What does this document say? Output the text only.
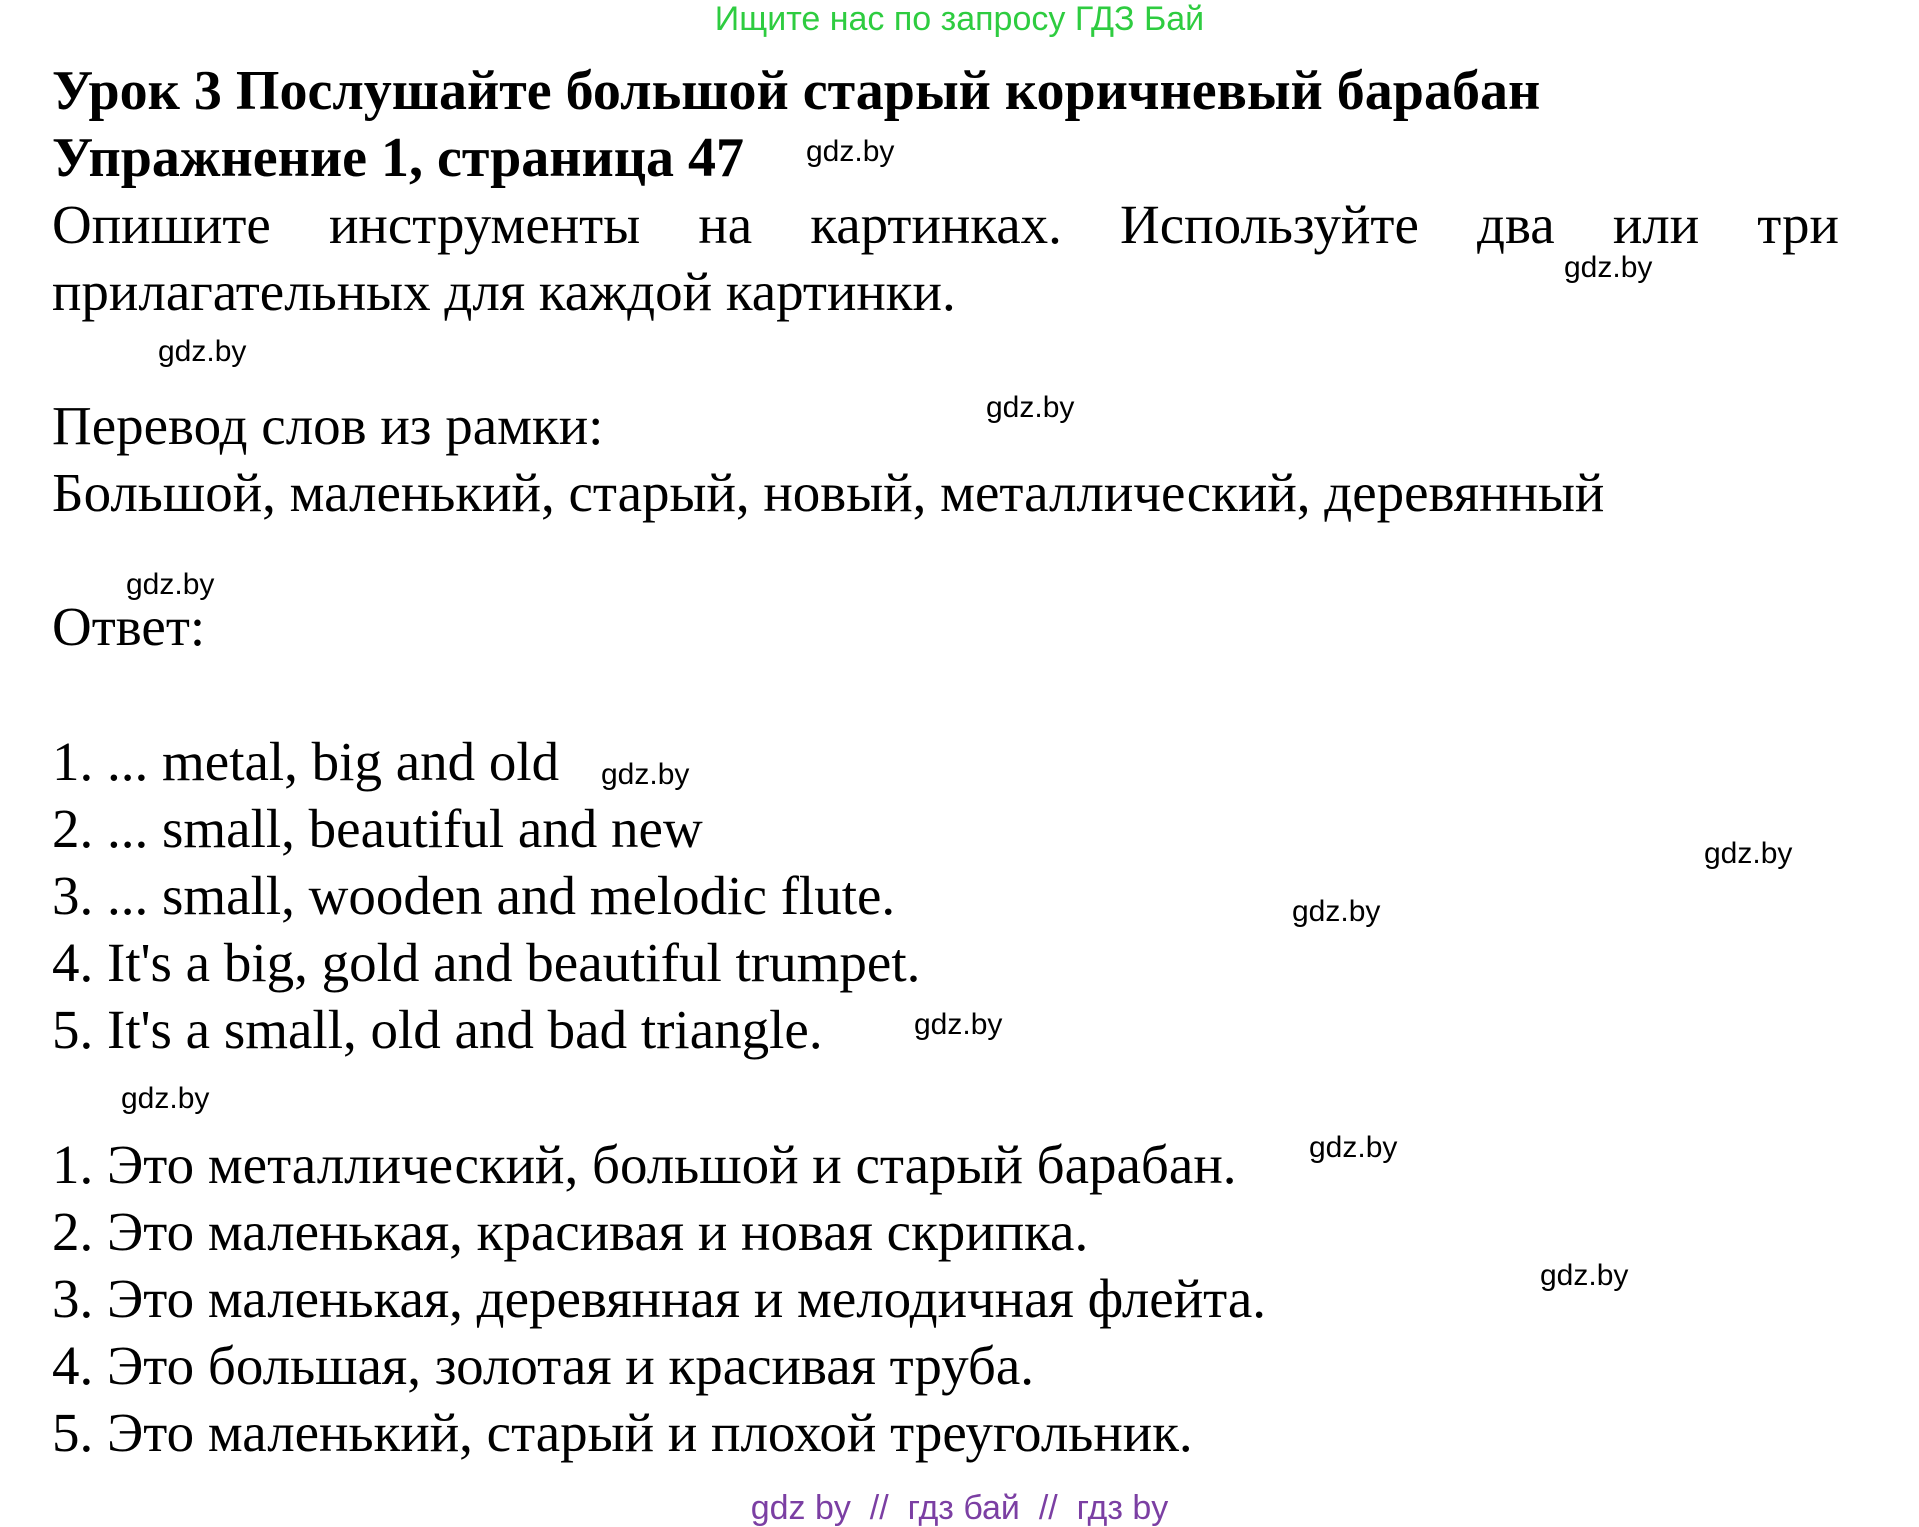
Ищите нас по запросу ГДЗ Бай
Урок 3 Послушайте большой старый коричневый барабан
Упражнение 1, страница 47
Опишите инструменты на картинках. Используйте два или три
прилагательных для каждой картинки.
Перевод слов из рамки:
Большой, маленький, старый, новый, металлический, деревянный
Ответ:
1. ... metal, big and old
2. ... small, beautiful and new
3. ... small, wooden and melodic flute.
4. It's a big, gold and beautiful trumpet.
5. It's a small, old and bad triangle.
1. Это металлический, большой и старый барабан.
2. Это маленькая, красивая и новая скрипка.
3. Это маленькая, деревянная и мелодичная флейта.
4. Это большая, золотая и красивая труба.
5. Это маленький, старый и плохой треугольник.
gdz.by
gdz.by
gdz.by
gdz.by
gdz.by
gdz.by
gdz.by
gdz.by
gdz.by
gdz.by
gdz.by
gdz.by
gdz by  //  гдз бай  //  гдз by
